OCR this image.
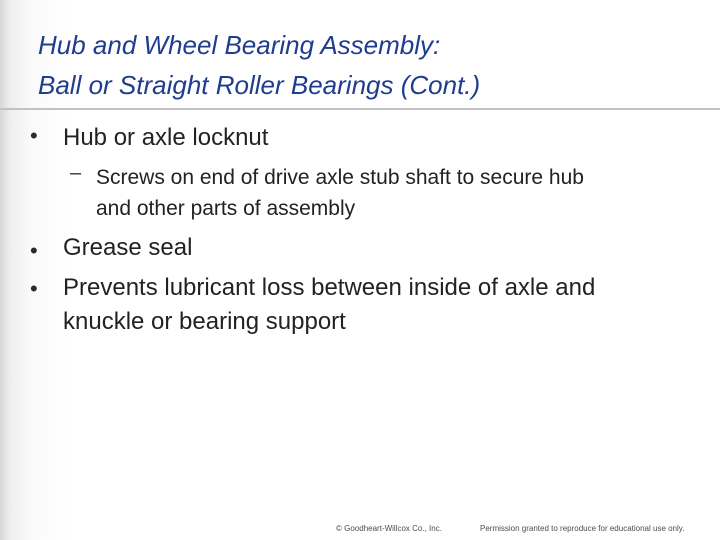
Hub and Wheel Bearing Assembly:
Ball or Straight Roller Bearings (Cont.)
• Hub or axle locknut
– Screws on end of drive axle stub shaft to secure hub
and other parts of assembly
• Grease seal
• Prevents lubricant loss between inside of axle and
knuckle or bearing support
© Goodheart-Willcox Co., Inc.	Permission granted to reproduce for educational use only.
